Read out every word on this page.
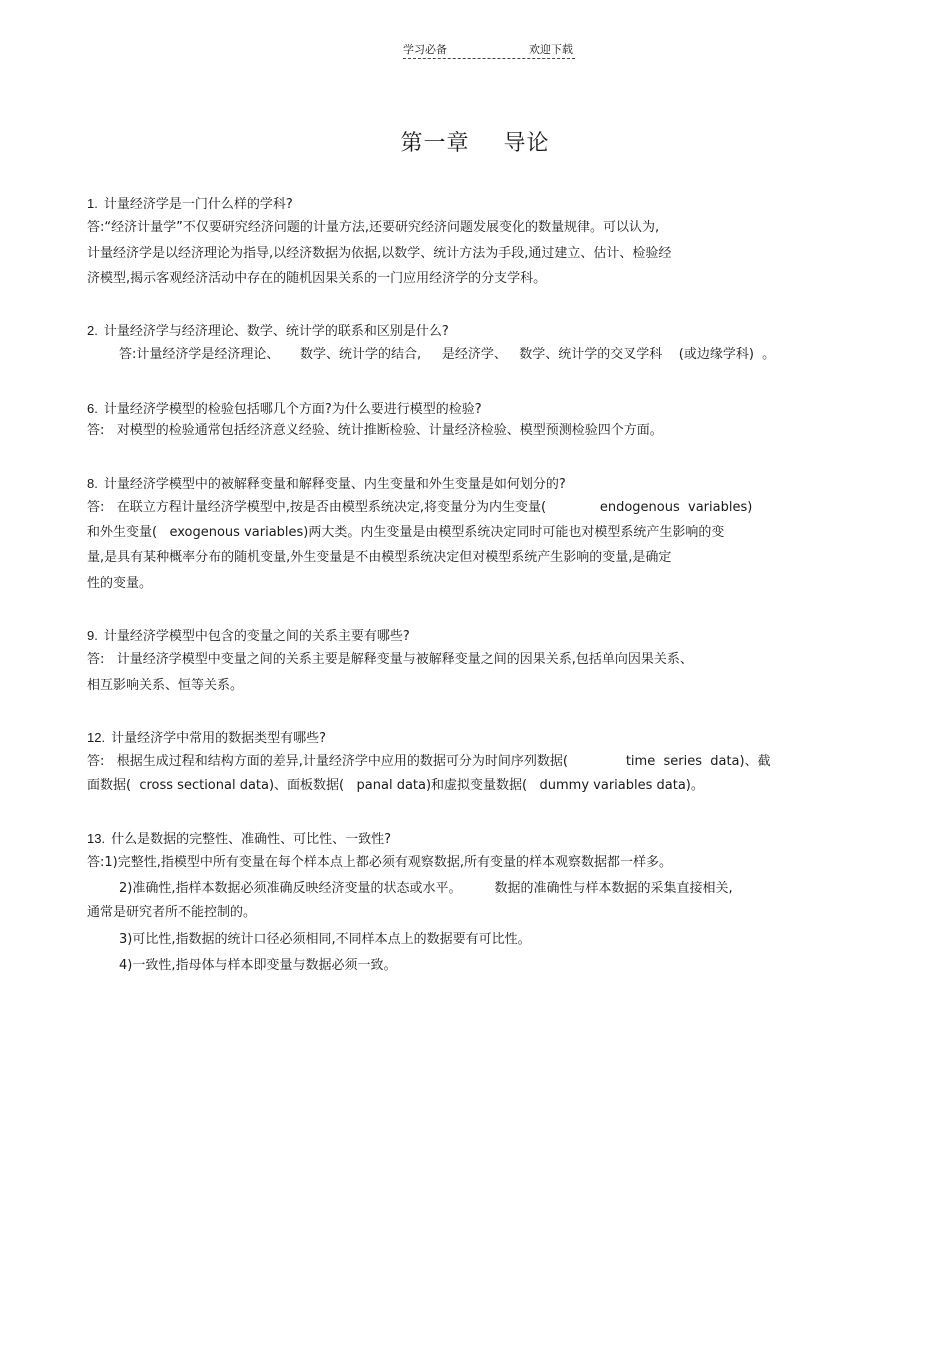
学习必备	欢迎下载
第一章 导论
1. 计量经济学是一门什么样的学科?
答:“经济计量学”不仅要研究经济问题的计量方法,还要研究经济问题发展变化的数量规律。可以认为,
计量经济学是以经济理论为指导,以经济数据为依据,以数学、统计方法为手段,通过建立、估计、检验经
济模型,揭示客观经济活动中存在的随机因果关系的一门应用经济学的分支学科。
2. 计量经济学与经济理论、数学、统计学的联系和区别是什么?
答:计量经济学是经济理论、     数学、统计学的结合,     是经济学、   数学、统计学的交叉学科    (或边缘学科)  。
6. 计量经济学模型的检验包括哪几个方面?为什么要进行模型的检验?
答:   对模型的检验通常包括经济意义经验、统计推断检验、计量经济检验、模型预测检验四个方面。
8. 计量经济学模型中的被解释变量和解释变量、内生变量和外生变量是如何划分的?
答:   在联立方程计量经济学模型中,按是否由模型系统决定,将变量分为内生变量(             endogenous  variables)
和外生变量(   exogenous variables)两大类。内生变量是由模型系统决定同时可能也对模型系统产生影响的变
量,是具有某种概率分布的随机变量,外生变量是不由模型系统决定但对模型系统产生影响的变量,是确定
性的变量。
9. 计量经济学模型中包含的变量之间的关系主要有哪些?
答:   计量经济学模型中变量之间的关系主要是解释变量与被解释变量之间的因果关系,包括单向因果关系、
相互影响关系、恒等关系。
12. 计量经济学中常用的数据类型有哪些?
答:   根据生成过程和结构方面的差异,计量经济学中应用的数据可分为时间序列数据(              time  series  data)、截
面数据(  cross sectional data)、面板数据(   panal data)和虚拟变量数据(   dummy variables data)。
13. 什么是数据的完整性、准确性、可比性、一致性?
答:1)完整性,指模型中所有变量在每个样本点上都必须有观察数据,所有变量的样本观察数据都一样多。
2)准确性,指样本数据必须准确反映经济变量的状态或水平。        数据的准确性与样本数据的采集直接相关,
通常是研究者所不能控制的。
3)可比性,指数据的统计口径必须相同,不同样本点上的数据要有可比性。
4)一致性,指母体与样本即变量与数据必须一致。
